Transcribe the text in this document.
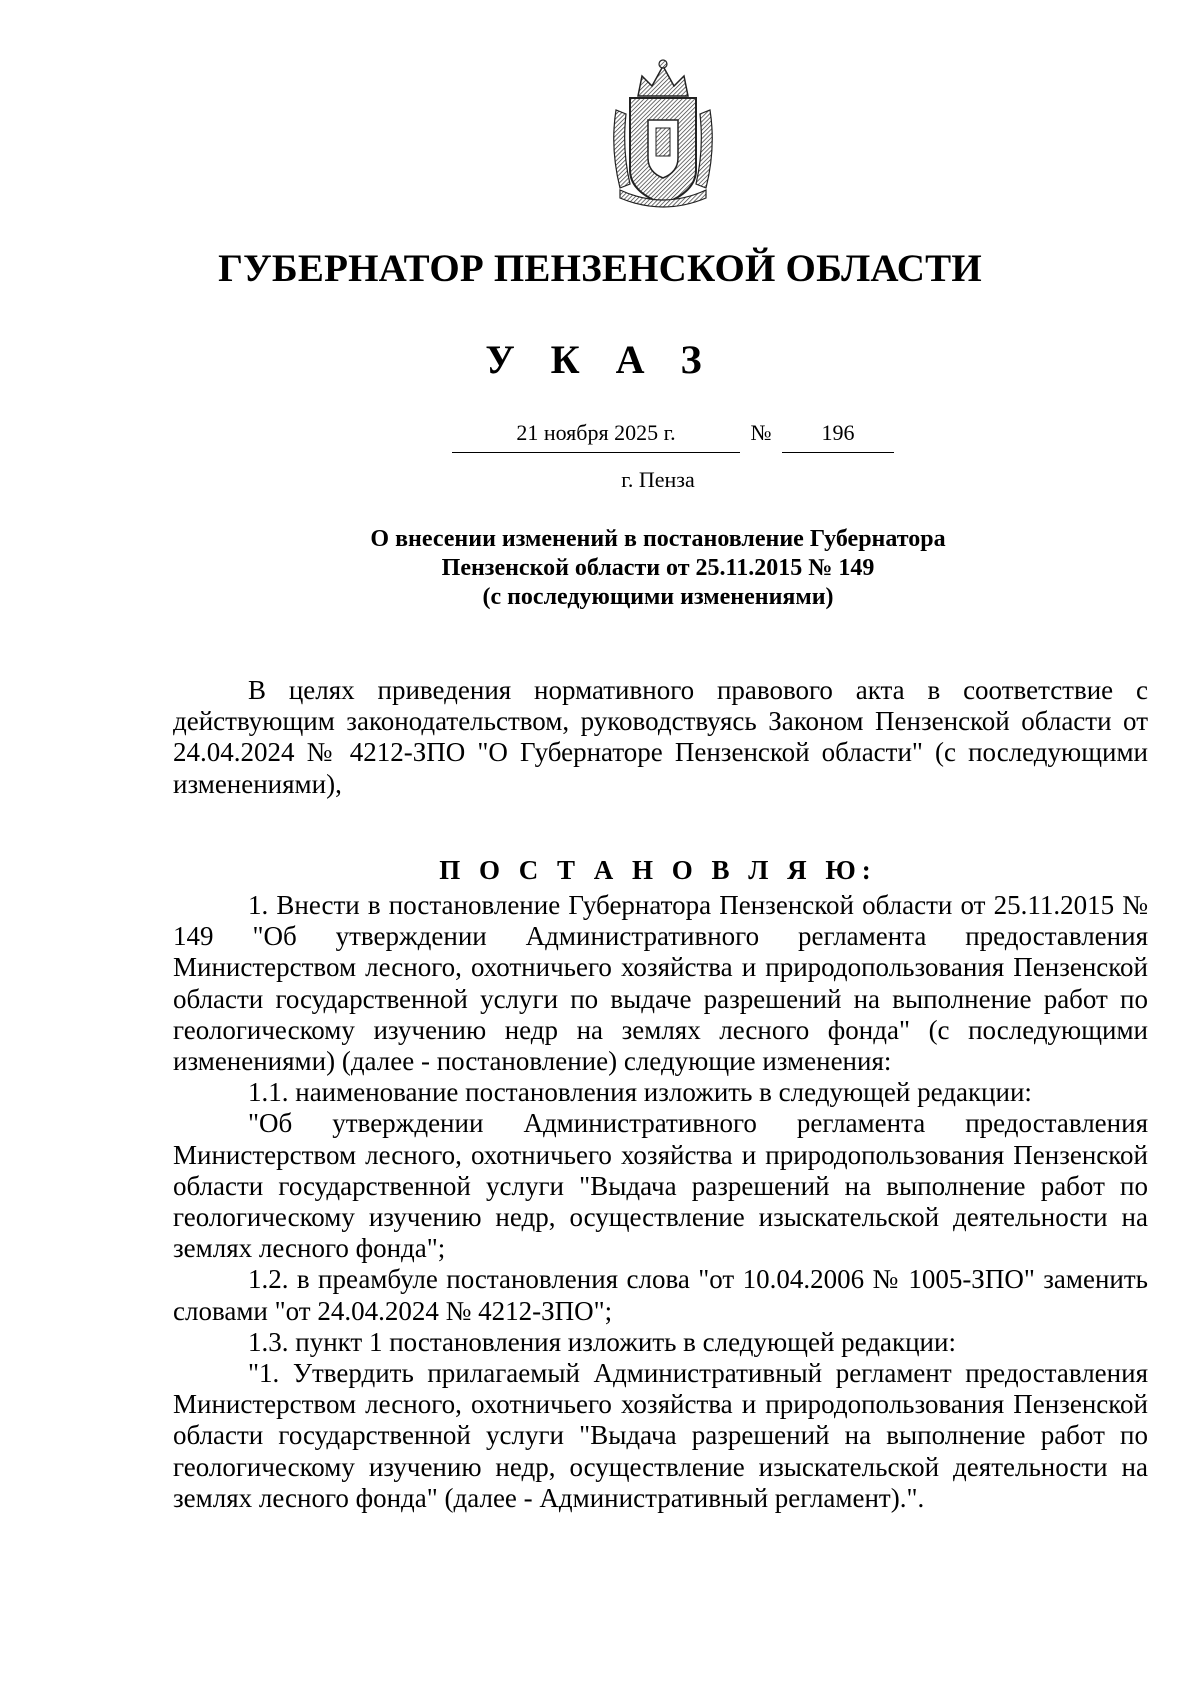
ГУБЕРНАТОР ПЕНЗЕНСКОЙ ОБЛАСТИ
У К А З
21 ноября 2025 г.	№	196
г. Пенза
О внесении изменений в постановление Губернатора
Пензенской области от 25.11.2015 № 149
(с последующими изменениями)

В целях приведения нормативного правового акта в соответствие с действующим законодательством, руководствуясь Законом Пензенской области от 24.04.2024 № 4212-ЗПО "О Губернаторе Пензенской области" (с последующими изменениями),

П О С Т А Н О В Л Я Ю:

1. Внести в постановление Губернатора Пензенской области от 25.11.2015 № 149 "Об утверждении Административного регламента предоставления Министерством лесного, охотничьего хозяйства и природопользования Пензенской области государственной услуги по выдаче разрешений на выполнение работ по геологическому изучению недр на землях лесного фонда" (с последующими изменениями) (далее - постановление) следующие изменения:

1.1. наименование постановления изложить в следующей редакции:

"Об утверждении Административного регламента предоставления Министерством лесного, охотничьего хозяйства и природопользования Пензенской области государственной услуги "Выдача разрешений на выполнение работ по геологическому изучению недр, осуществление изыскательской деятельности на землях лесного фонда";

1.2. в преамбуле постановления слова "от 10.04.2006 № 1005-ЗПО" заменить словами "от 24.04.2024 № 4212-ЗПО";

1.3. пункт 1 постановления изложить в следующей редакции:

"1. Утвердить прилагаемый Административный регламент предоставления Министерством лесного, охотничьего хозяйства и природопользования Пензенской области государственной услуги "Выдача разрешений на выполнение работ по геологическому изучению недр, осуществление изыскательской деятельности на землях лесного фонда" (далее - Административный регламент).".
